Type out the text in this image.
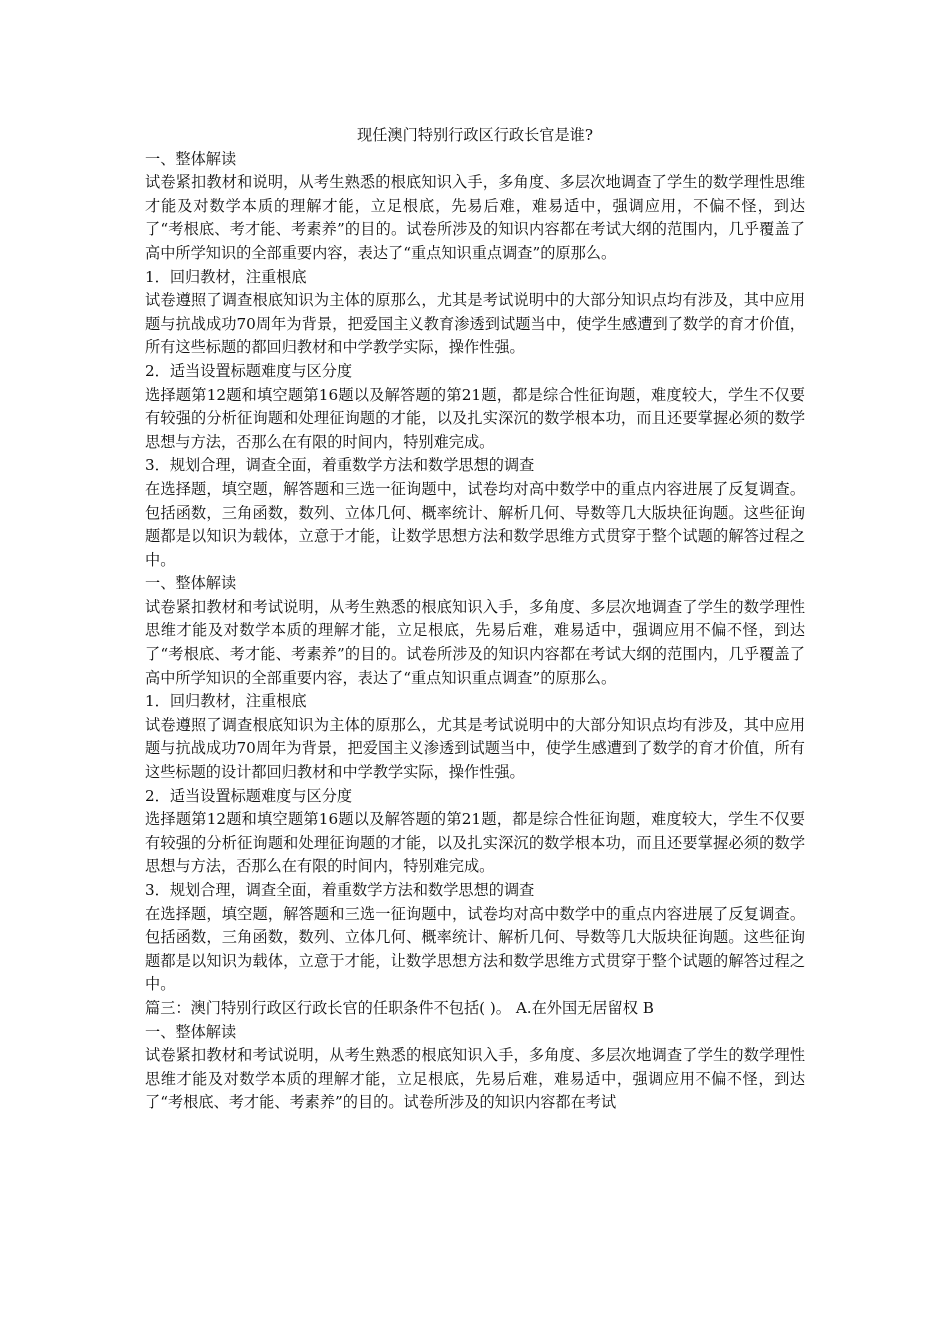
现任澳门特别行政区行政长官是谁?

一、整体解读

试卷紧扣教材和说明，从考生熟悉的根底知识入手，多角度、多层次地调查了学生的数学理性思维才能及对数学本质的理解才能，立足根底，先易后难，难易适中，强调应用，不偏不怪，到达了“考根底、考才能、考素养”的目的。试卷所涉及的知识内容都在考试大纲的范围内，几乎覆盖了高中所学知识的全部重要内容，表达了“重点知识重点调查”的原那么。

1．回归教材，注重根底

试卷遵照了调查根底知识为主体的原那么，尤其是考试说明中的大部分知识点均有涉及，其中应用题与抗战成功70周年为背景，把爱国主义教育渗透到试题当中，使学生感遭到了数学的育才价值，所有这些标题的都回归教材和中学教学实际，操作性强。

2．适当设置标题难度与区分度

选择题第12题和填空题第16题以及解答题的第21题，都是综合性征询题，难度较大，学生不仅要有较强的分析征询题和处理征询题的才能，以及扎实深沉的数学根本功，而且还要掌握必须的数学思想与方法，否那么在有限的时间内，特别难完成。

3．规划合理，调查全面，着重数学方法和数学思想的调查

在选择题，填空题，解答题和三选一征询题中，试卷均对高中数学中的重点内容进展了反复调查。包括函数，三角函数，数列、立体几何、概率统计、解析几何、导数等几大版块征询题。这些征询题都是以知识为载体，立意于才能，让数学思想方法和数学思维方式贯穿于整个试题的解答过程之中。

一、整体解读

试卷紧扣教材和考试说明，从考生熟悉的根底知识入手，多角度、多层次地调查了学生的数学理性思维才能及对数学本质的理解才能，立足根底，先易后难，难易适中，强调应用不偏不怪，到达了“考根底、考才能、考素养”的目的。试卷所涉及的知识内容都在考试大纲的范围内，几乎覆盖了高中所学知识的全部重要内容，表达了“重点知识重点调查”的原那么。

1．回归教材，注重根底

试卷遵照了调查根底知识为主体的原那么，尤其是考试说明中的大部分知识点均有涉及，其中应用题与抗战成功70周年为背景，把爱国主义渗透到试题当中，使学生感遭到了数学的育才价值，所有这些标题的设计都回归教材和中学教学实际，操作性强。

2．适当设置标题难度与区分度

选择题第12题和填空题第16题以及解答题的第21题，都是综合性征询题，难度较大，学生不仅要有较强的分析征询题和处理征询题的才能，以及扎实深沉的数学根本功，而且还要掌握必须的数学思想与方法，否那么在有限的时间内，特别难完成。

3．规划合理，调查全面，着重数学方法和数学思想的调查

在选择题，填空题，解答题和三选一征询题中，试卷均对高中数学中的重点内容进展了反复调查。包括函数，三角函数，数列、立体几何、概率统计、解析几何、导数等几大版块征询题。这些征询题都是以知识为载体，立意于才能，让数学思想方法和数学思维方式贯穿于整个试题的解答过程之中。

篇三：澳门特别行政区行政长官的任职条件不包括( )。 A.在外国无居留权 B

一、整体解读

试卷紧扣教材和考试说明，从考生熟悉的根底知识入手，多角度、多层次地调查了学生的数学理性思维才能及对数学本质的理解才能，立足根底，先易后难，难易适中，强调应用不偏不怪，到达了“考根底、考才能、考素养”的目的。试卷所涉及的知识内容都在考试
